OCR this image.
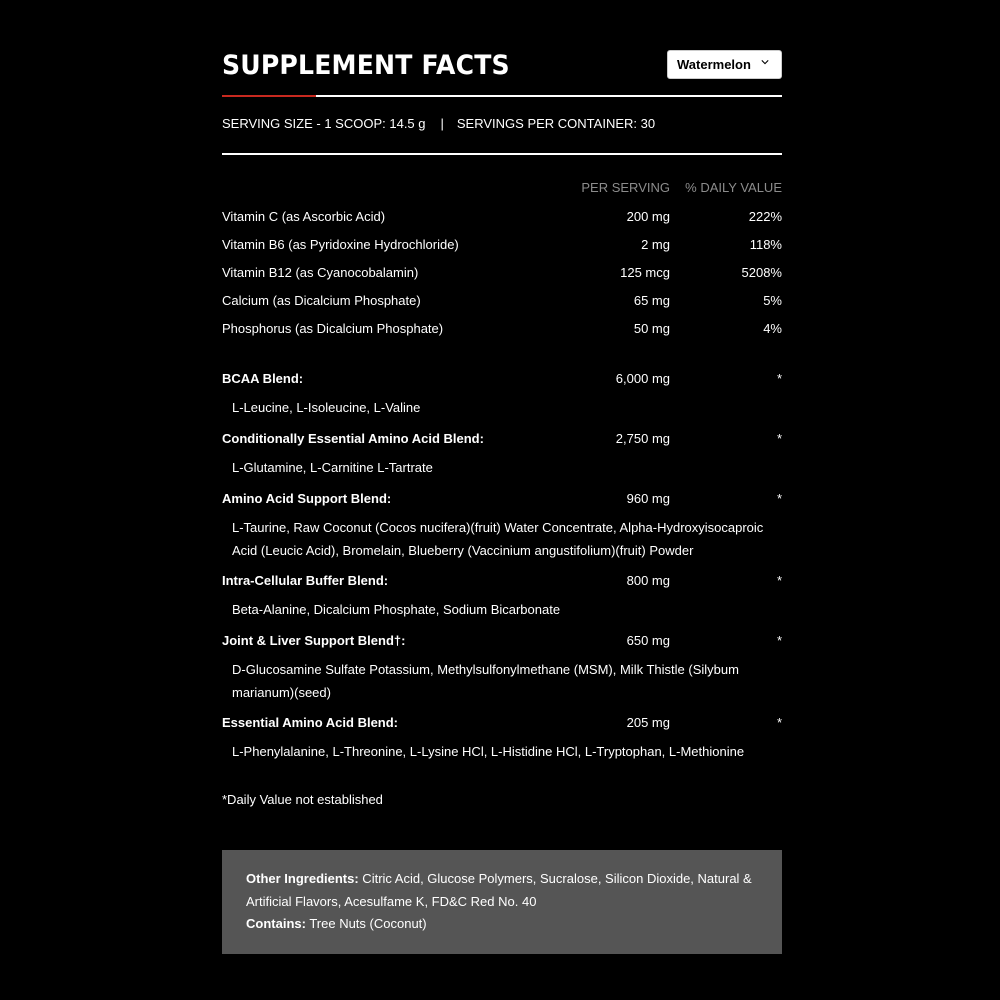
SUPPLEMENT FACTS	Watermelon
SERVING SIZE - 1 SCOOP: 14.5 g | SERVINGS PER CONTAINER: 30
PER SERVING % DAILY VALUE
Vitamin C (as Ascorbic Acid)	200 mg	222%
Vitamin B6 (as Pyridoxine Hydrochloride)	2 mg	118%
Vitamin B12 (as Cyanocobalamin)	125 mcg	5208%
Calcium (as Dicalcium Phosphate)	65 mg	5%
Phosphorus (as Dicalcium Phosphate)	50 mg	4%
BCAA Blend:	6,000 mg	*
L-Leucine, L-Isoleucine, L-Valine
Conditionally Essential Amino Acid Blend:	2,750 mg	*
L-Glutamine, L-Carnitine L-Tartrate
Amino Acid Support Blend:	960 mg	*
L-Taurine, Raw Coconut (Cocos nucifera)(fruit) Water Concentrate, Alpha-Hydroxyisocaproic Acid (Leucic Acid), Bromelain, Blueberry (Vaccinium angustifolium)(fruit) Powder
Intra-Cellular Buffer Blend:	800 mg	*
Beta-Alanine, Dicalcium Phosphate, Sodium Bicarbonate
Joint & Liver Support Blend†:	650 mg	*
D-Glucosamine Sulfate Potassium, Methylsulfonylmethane (MSM), Milk Thistle (Silybum marianum)(seed)
Essential Amino Acid Blend:	205 mg	*
L-Phenylalanine, L-Threonine, L-Lysine HCl, L-Histidine HCl, L-Tryptophan, L-Methionine
*Daily Value not established
Other Ingredients: Citric Acid, Glucose Polymers, Sucralose, Silicon Dioxide, Natural & Artificial Flavors, Acesulfame K, FD&C Red No. 40
Contains: Tree Nuts (Coconut)
